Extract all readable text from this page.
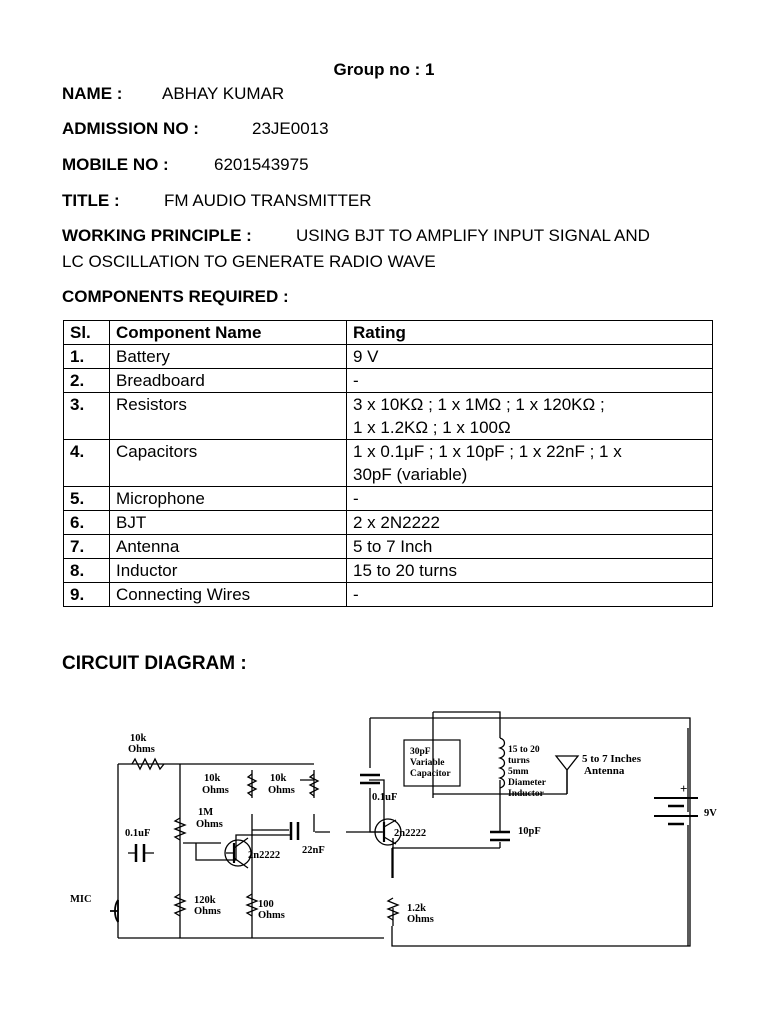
Group no : 1
NAME : ABHAY KUMAR
ADMISSION NO :	23JE0013
MOBILE NO :	6201543975
TITLE :	FM AUDIO TRANSMITTER
WORKING PRINCIPLE :	USING BJT TO AMPLIFY INPUT SIGNAL AND
LC OSCILLATION TO GENERATE RADIO WAVE
COMPONENTS REQUIRED :
Sl.	Component Name	Rating
1.	Battery	9 V

2.	Breadboard	-

3.	Resistors	3 x 10KΩ ; 1 x 1MΩ ; 1 x 120KΩ ;
1 x 1.2KΩ ; 1 x 100Ω

4.	Capacitors	1 x 0.1μF ; 1 x 10pF ; 1 x 22nF ; 1 x
30pF (variable)

5.	Microphone	-

6.	BJT	2 x 2N2222

7.	Antenna	5 to 7 Inch

8.	Inductor	15 to 20 turns

9.	Connecting Wires	-
CIRCUIT DIAGRAM :
10k
Ohms
10k
Ohms
10k
Ohms
1M
Ohms
0.1uF
22nF
0.1uF
2n2222
2n2222
120k
Ohms
100
Ohms
1.2k
Ohms
MIC
30pF
Variable
Capacitor
15 to 20
turns
5mm
Diameter
Inductor
10pF
5 to 7 Inches
Antenna
+
9V
